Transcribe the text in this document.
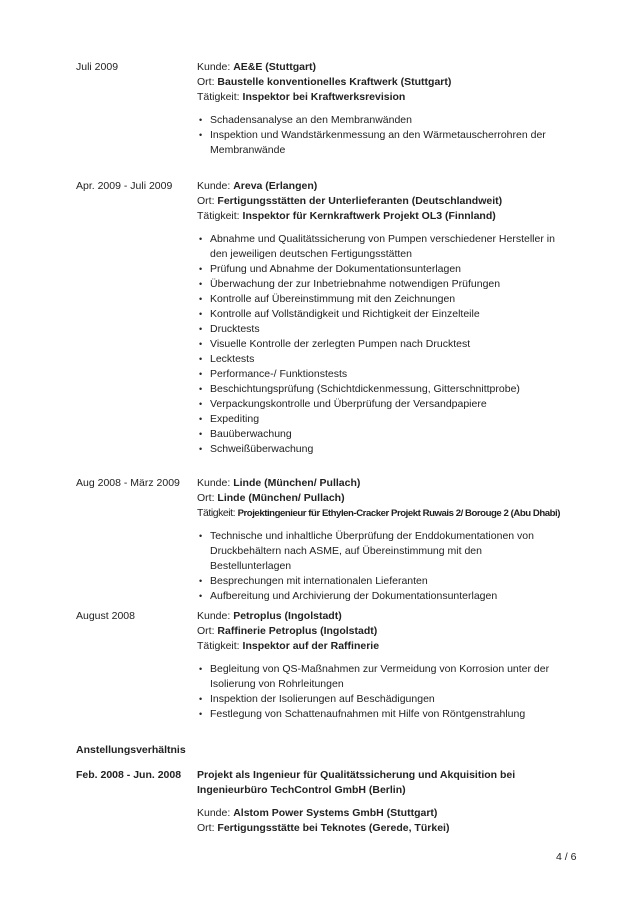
Juli 2009	Kunde: AE&E (Stuttgart)
Ort: Baustelle konventionelles Kraftwerk (Stuttgart)
Tätigkeit: Inspektor bei Kraftwerksrevision
• Schadensanalyse an den Membranwänden
• Inspektion und Wandstärkenmessung an den Wärmetauscherrohren der Membranwände
Apr. 2009 - Juli 2009	Kunde: Areva (Erlangen)
Ort: Fertigungsstätten der Unterlieferanten (Deutschlandweit)
Tätigkeit: Inspektor für Kernkraftwerk Projekt OL3 (Finnland)
• Abnahme und Qualitätssicherung von Pumpen verschiedener Hersteller in den jeweiligen deutschen Fertigungsstätten
• Prüfung und Abnahme der Dokumentationsunterlagen
• Überwachung der zur Inbetriebnahme notwendigen Prüfungen
• Kontrolle auf Übereinstimmung mit den Zeichnungen
• Kontrolle auf Vollständigkeit und Richtigkeit der Einzelteile
• Drucktests
• Visuelle Kontrolle der zerlegten Pumpen nach Drucktest
• Lecktests
• Performance-/ Funktionstests
• Beschichtungsprüfung (Schichtdickenmessung, Gitterschnittprobe)
• Verpackungskontrolle und Überprüfung der Versandpapiere
• Expediting
• Bauüberwachung
• Schweißüberwachung
Aug 2008 - März 2009	Kunde: Linde (München/ Pullach)
Ort: Linde (München/ Pullach)
Tätigkeit: Projektingenieur für Ethylen-Cracker Projekt Ruwais 2/ Borouge 2 (Abu Dhabi)
• Technische und inhaltliche Überprüfung der Enddokumentationen von Druckbehältern nach ASME, auf Übereinstimmung mit den Bestellunterlagen
• Besprechungen mit internationalen Lieferanten
• Aufbereitung und Archivierung der Dokumentationsunterlagen
August 2008	Kunde: Petroplus (Ingolstadt)
Ort: Raffinerie Petroplus (Ingolstadt)
Tätigkeit: Inspektor auf der Raffinerie
• Begleitung von QS-Maßnahmen zur Vermeidung von Korrosion unter der Isolierung von Rohrleitungen
• Inspektion der Isolierungen auf Beschädigungen
• Festlegung von Schattenaufnahmen mit Hilfe von Röntgenstrahlung
Anstellungsverhältnis
Feb. 2008 - Jun. 2008	Projekt als Ingenieur für Qualitätssicherung und Akquisition bei Ingenieurbüro TechControl GmbH (Berlin)
Kunde: Alstom Power Systems GmbH (Stuttgart)
Ort: Fertigungsstätte bei Teknotes (Gerede, Türkei)
4 / 6
